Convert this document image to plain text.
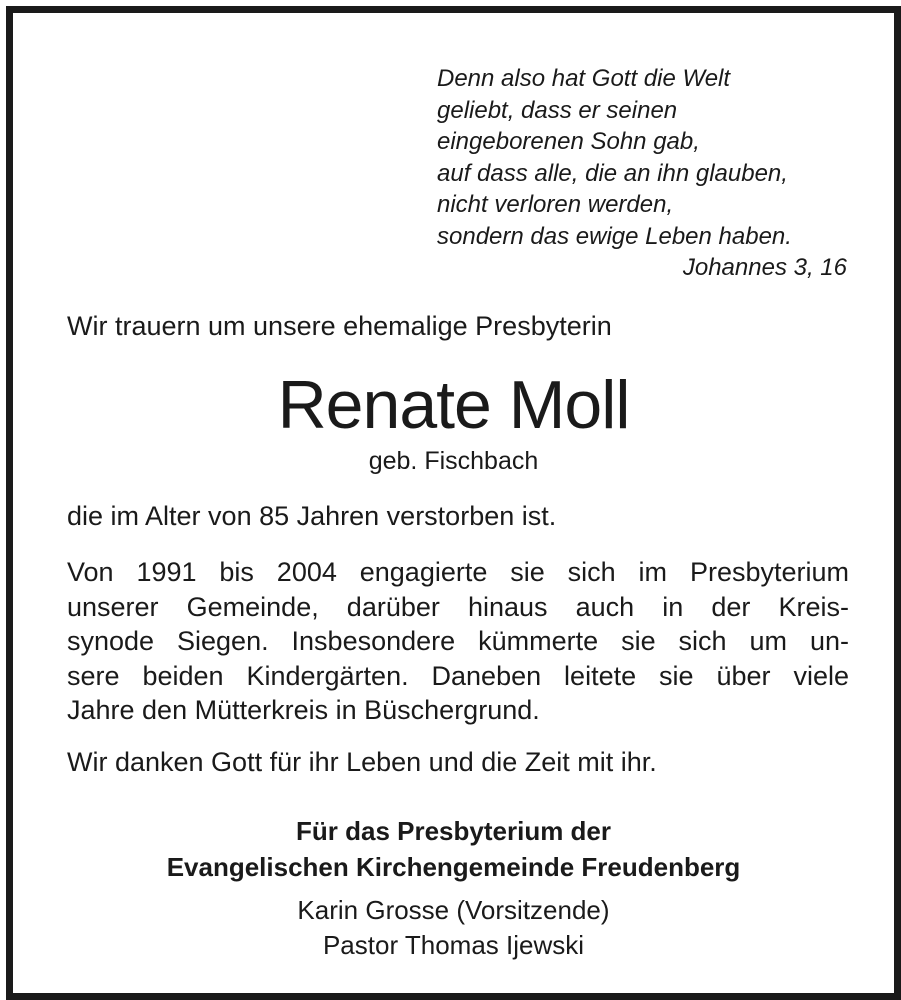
Denn also hat Gott die Welt
geliebt, dass er seinen
eingeborenen Sohn gab,
auf dass alle, die an ihn glauben,
nicht verloren werden,
sondern das ewige Leben haben.
Johannes 3, 16
Wir trauern um unsere ehemalige Presbyterin
Renate Moll
geb. Fischbach
die im Alter von 85 Jahren verstorben ist.
Von 1991 bis 2004 engagierte sie sich im Presbyterium
unserer Gemeinde, darüber hinaus auch in der Kreis-
synode Siegen. Insbesondere kümmerte sie sich um un-
sere beiden Kindergärten. Daneben leitete sie über viele
Jahre den Mütterkreis in Büschergrund.
Wir danken Gott für ihr Leben und die Zeit mit ihr.
Für das Presbyterium der
Evangelischen Kirchengemeinde Freudenberg
Karin Grosse (Vorsitzende)
Pastor Thomas Ijewski
